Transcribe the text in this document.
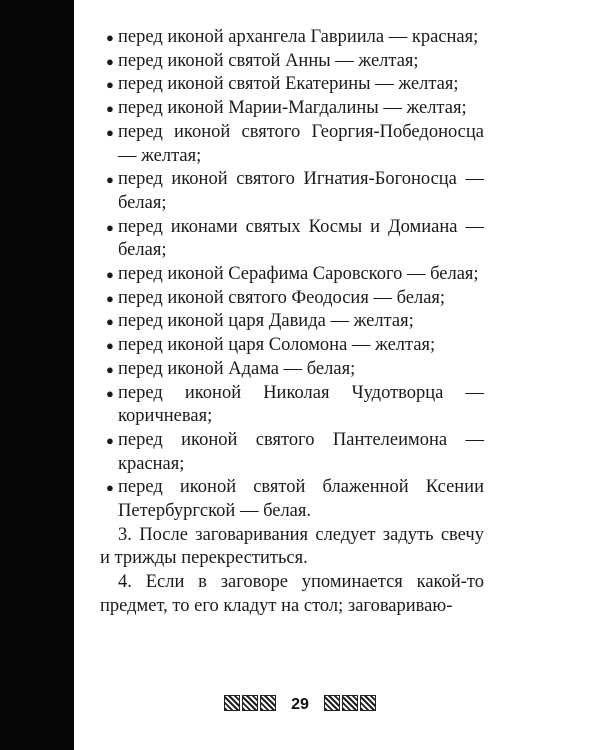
● перед иконой архангела Гавриила — красная;
● перед иконой святой Анны — желтая;
● перед иконой святой Екатерины — желтая;
● перед иконой Марии-Магдалины — желтая;
● перед иконой святого Георгия-Победоносца — желтая;
● перед иконой святого Игнатия-Богоносца — белая;
● перед иконами святых Космы и Домиана — белая;
● перед иконой Серафима Саровского — белая;
● перед иконой святого Феодосия — белая;
● перед иконой царя Давида — желтая;
● перед иконой царя Соломона — желтая;
● перед иконой Адама — белая;
● перед иконой Николая Чудотворца — коричневая;
● перед иконой святого Пантелеимона — красная;
● перед иконой святой блаженной Ксении Петербургской — белая.

3. После заговаривания следует задуть свечу и трижды перекреститься.

4. Если в заговоре упоминается какой-то предмет, то его кладут на стол; заговариваю-

29
